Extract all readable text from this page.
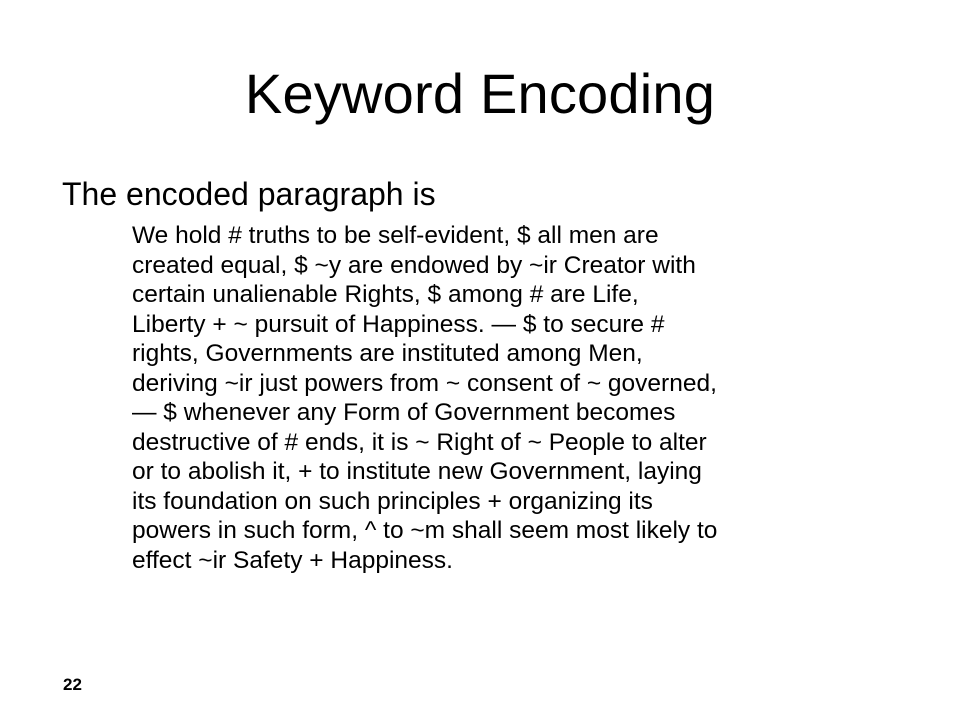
Keyword Encoding

The encoded paragraph is

We hold # truths to be self-evident, $ all men are
created equal, $ ~y are endowed by ~ir Creator with
certain unalienable Rights, $ among # are Life,
Liberty + ~ pursuit of Happiness. — $ to secure #
rights, Governments are instituted among Men,
deriving ~ir just powers from ~ consent of ~ governed,
— $ whenever any Form of Government becomes
destructive of # ends, it is ~ Right of ~ People to alter
or to abolish it, + to institute new Government, laying
its foundation on such principles + organizing its
powers in such form, ^ to ~m shall seem most likely to
effect ~ir Safety + Happiness.

22
